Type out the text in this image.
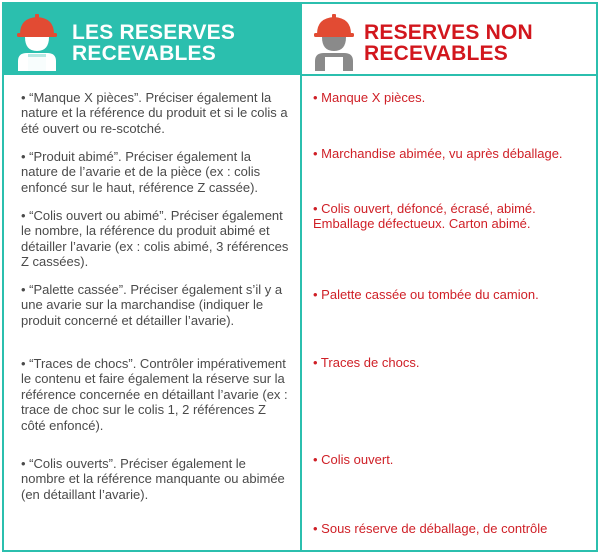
LES RESERVES
RECEVABLES
• “Manque X pièces”. Préciser également la nature et la référence du produit et si le colis a été ouvert ou re-scotché.
• “Produit abimé”. Préciser également la nature de l’avarie et de la pièce (ex : colis enfoncé sur le haut, référence Z cassée).
• “Colis ouvert ou abimé”. Préciser également le nombre, la référence du produit abimé et détailler l’avarie (ex : colis abimé, 3 références Z cassées).
• “Palette cassée”. Préciser également s’il y a une avarie sur la marchandise (indiquer le produit concerné et détailler l’avarie).
• “Traces de chocs”. Contrôler impérativement le contenu et faire également la réserve sur la référence concernée en détaillant l’avarie (ex : trace de choc sur le colis 1, 2 références Z côté enfoncé).
• “Colis ouverts”. Préciser également le nombre et la référence manquante ou abimée (en détaillant l’avarie).
RESERVES NON
RECEVABLES
• Manque X pièces.
• Marchandise abimée, vu après déballage.
• Colis ouvert, défoncé, écrasé, abimé. Emballage défectueux. Carton abimé.
• Palette cassée ou tombée du camion.
• Traces de chocs.
• Colis ouvert.
• Sous réserve de déballage, de contrôle
